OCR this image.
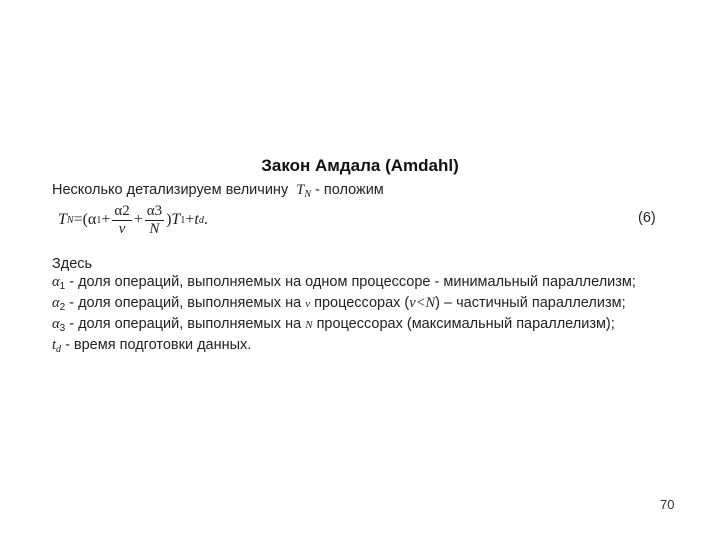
Закон Амдала (Amdahl)
Несколько детализируем величину $T_N$ - положим
T N =(α $1 + \frac{\alpha 2}{\nu} + \frac{\alpha 3}{N}$ ) T 1 + t d .	(6)
Здесь
$\alpha_1$ - доля операций, выполняемых на одном процессоре - минимальный параллелизм;
$\alpha_2$ - доля операций, выполняемых на ν процессорах (ν<N) – частичный параллелизм;
$\alpha_3$ - доля операций, выполняемых на N процессорах (максимальный параллелизм);
$t_d$ - время подготовки данных.
70
